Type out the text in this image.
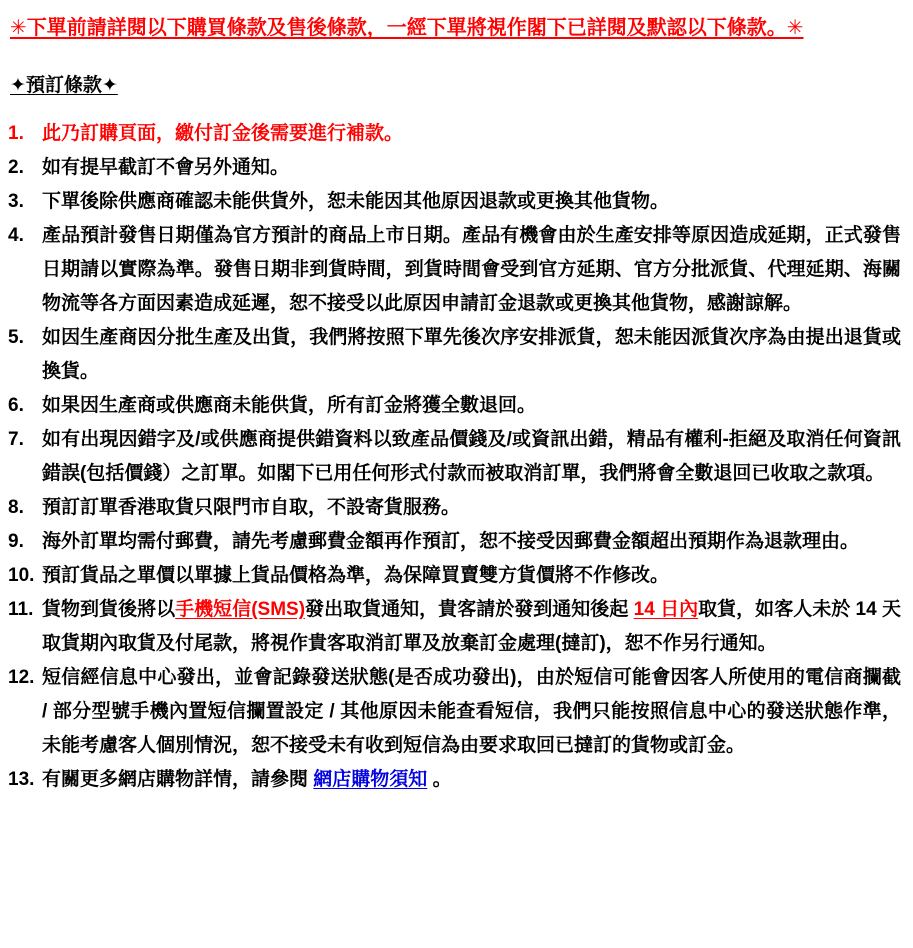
✳下單前請詳閱以下購買條款及售後條款，一經下單將視作閣下已詳閱及默認以下條款。✳
✦預訂條款✦
1. 此乃訂購頁面，繳付訂金後需要進行補款。
2. 如有提早截訂不會另外通知。
3. 下單後除供應商確認未能供貨外，恕未能因其他原因退款或更換其他貨物。
4. 產品預計發售日期僅為官方預計的商品上市日期。產品有機會由於生產安排等原因造成延期，正式發售日期請以實際為準。發售日期非到貨時間，到貨時間會受到官方延期、官方分批派貨、代理延期、海關物流等各方面因素造成延遲，恕不接受以此原因申請訂金退款或更換其他貨物，感謝諒解。
5. 如因生產商因分批生產及出貨，我們將按照下單先後次序安排派貨，恕未能因派貨次序為由提出退貨或換貨。
6. 如果因生產商或供應商未能供貨，所有訂金將獲全數退回。
7. 如有出現因錯字及/或供應商提供錯資料以致產品價錢及/或資訊出錯，精品有權利-拒絕及取消任何資訊錯誤(包括價錢）之訂單。如閣下已用任何形式付款而被取消訂單，我們將會全數退回已收取之款項。
8. 預訂訂單香港取貨只限門市自取，不設寄貨服務。
9. 海外訂單均需付郵費，請先考慮郵費金額再作預訂，恕不接受因郵費金額超出預期作為退款理由。
10. 預訂貨品之單價以單據上貨品價格為準，為保障買賣雙方貨價將不作修改。
11. 貨物到貨後將以手機短信(SMS)發出取貨通知，貴客請於發到通知後起 14 日內取貨，如客人未於 14 天取貨期內取貨及付尾款，將視作貴客取消訂單及放棄訂金處理(撻訂)，恕不作另行通知。
12. 短信經信息中心發出，並會記錄發送狀態(是否成功發出)，由於短信可能會因客人所使用的電信商攔截 / 部分型號手機內置短信攔置設定 / 其他原因未能查看短信，我們只能按照信息中心的發送狀態作準，未能考慮客人個別情況，恕不接受未有收到短信為由要求取回已撻訂的貨物或訂金。
13. 有關更多網店購物詳情，請參閱 網店購物須知 。
